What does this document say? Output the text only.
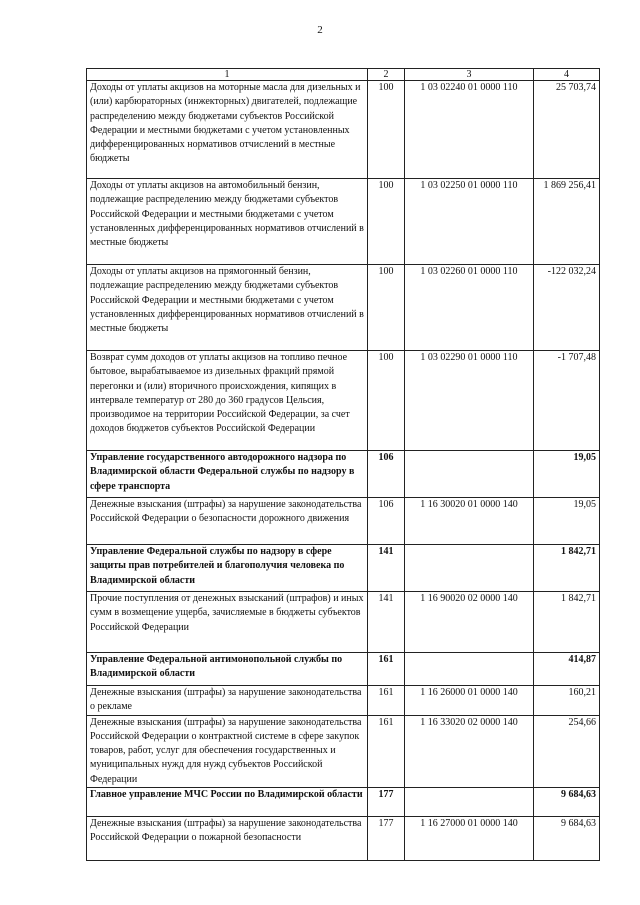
2
1	2	3	4
Доходы от уплаты акцизов на моторные масла для дизельных и (или) карбюраторных (инжекторных) двигателей, подлежащие распределению между бюджетами субъектов Российской Федерации и местными бюджетами с учетом установленных дифференцированных нормативов отчислений в местные бюджеты	100	1 03 02240 01 0000 110	25 703,74
Доходы от уплаты акцизов на автомобильный бензин, подлежащие распределению между бюджетами субъектов Российской Федерации и местными бюджетами с учетом установленных дифференцированных нормативов отчислений в местные бюджеты	100	1 03 02250 01 0000 110	1 869 256,41
Доходы от уплаты акцизов на прямогонный бензин, подлежащие распределению между бюджетами субъектов Российской Федерации и местными бюджетами с учетом установленных дифференцированных нормативов отчислений в местные бюджеты	100	1 03 02260 01 0000 110	-122 032,24
Возврат сумм доходов от уплаты акцизов на топливо печное бытовое, вырабатываемое из дизельных фракций прямой перегонки и (или) вторичного происхождения, кипящих в интервале температур от 280 до 360 градусов Цельсия, производимое на территории Российской Федерации, за счет доходов бюджетов субъектов Российской Федерации	100	1 03 02290 01 0000 110	-1 707,48
Управление государственного автодорожного надзора по Владимирской области Федеральной службы по надзору в сфере транспорта	106		19,05
Денежные взыскания (штрафы) за нарушение законодательства Российской Федерации о безопасности дорожного движения	106	1 16 30020 01 0000 140	19,05
Управление Федеральной службы по надзору в сфере защиты прав потребителей и благополучия человека по Владимирской области	141		1 842,71
Прочие поступления от денежных взысканий (штрафов) и иных сумм в возмещение ущерба, зачисляемые в бюджеты субъектов Российской Федерации	141	1 16 90020 02 0000 140	1 842,71
Управление Федеральной антимонопольной службы по Владимирской области	161		414,87
Денежные взыскания (штрафы) за нарушение законодательства о рекламе	161	1 16 26000 01 0000 140	160,21
Денежные взыскания (штрафы) за нарушение законодательства Российской Федерации о контрактной системе в сфере закупок товаров, работ, услуг для обеспечения государственных и муниципальных нужд для нужд субъектов Российской Федерации	161	1 16 33020 02 0000 140	254,66
Главное управление МЧС России по Владимирской области	177		9 684,63
Денежные взыскания (штрафы) за нарушение законодательства Российской Федерации о пожарной безопасности	177	1 16 27000 01 0000 140	9 684,63
